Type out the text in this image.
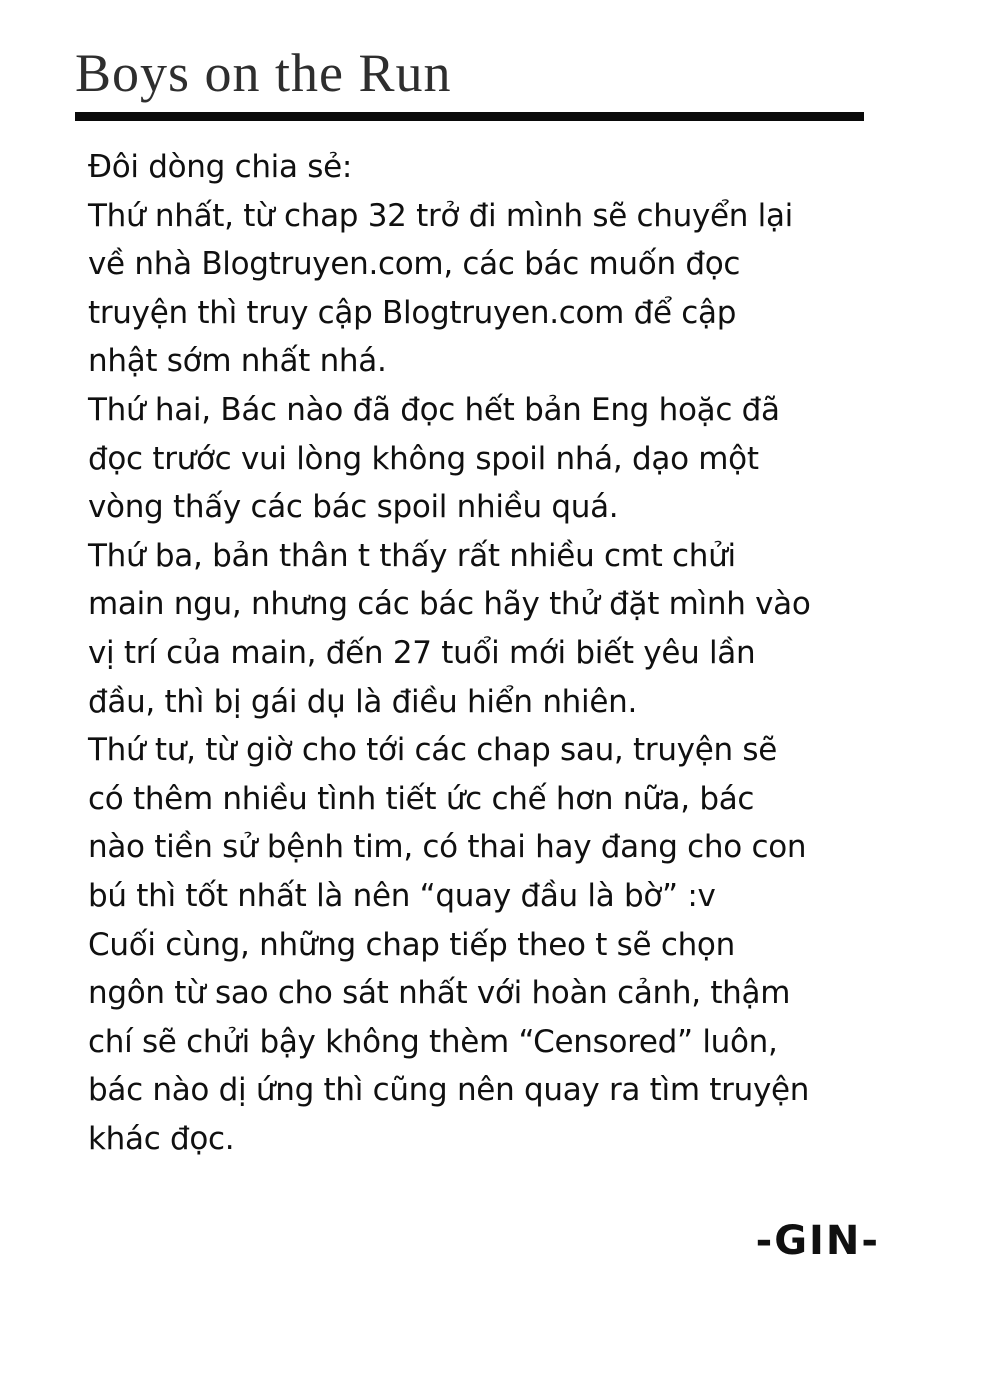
Boys on the Run
Đôi dòng chia sẻ:
Thứ nhất, từ chap 32 trở đi mình sẽ chuyển lại
về nhà Blogtruyen.com, các bác muốn đọc
truyện thì truy cập Blogtruyen.com để cập
nhật sớm nhất nhá.
Thứ hai, Bác nào đã đọc hết bản Eng hoặc đã
đọc trước vui lòng không spoil nhá, dạo một
vòng thấy các bác spoil nhiều quá.
Thứ ba, bản thân t thấy rất nhiều cmt chửi
main ngu, nhưng các bác hãy thử đặt mình vào
vị trí của main, đến 27 tuổi mới biết yêu lần
đầu, thì bị gái dụ là điều hiển nhiên.
Thứ tư, từ giờ cho tới các chap sau, truyện sẽ
có thêm nhiều tình tiết ức chế hơn nữa, bác
nào tiền sử bệnh tim, có thai hay đang cho con
bú thì tốt nhất là nên “quay đầu là bờ” :v
Cuối cùng, những chap tiếp theo t sẽ chọn
ngôn từ sao cho sát nhất với hoàn cảnh, thậm
chí sẽ chửi bậy không thèm “Censored” luôn,
bác nào dị ứng thì cũng nên quay ra tìm truyện
khác đọc.
-GIN-
